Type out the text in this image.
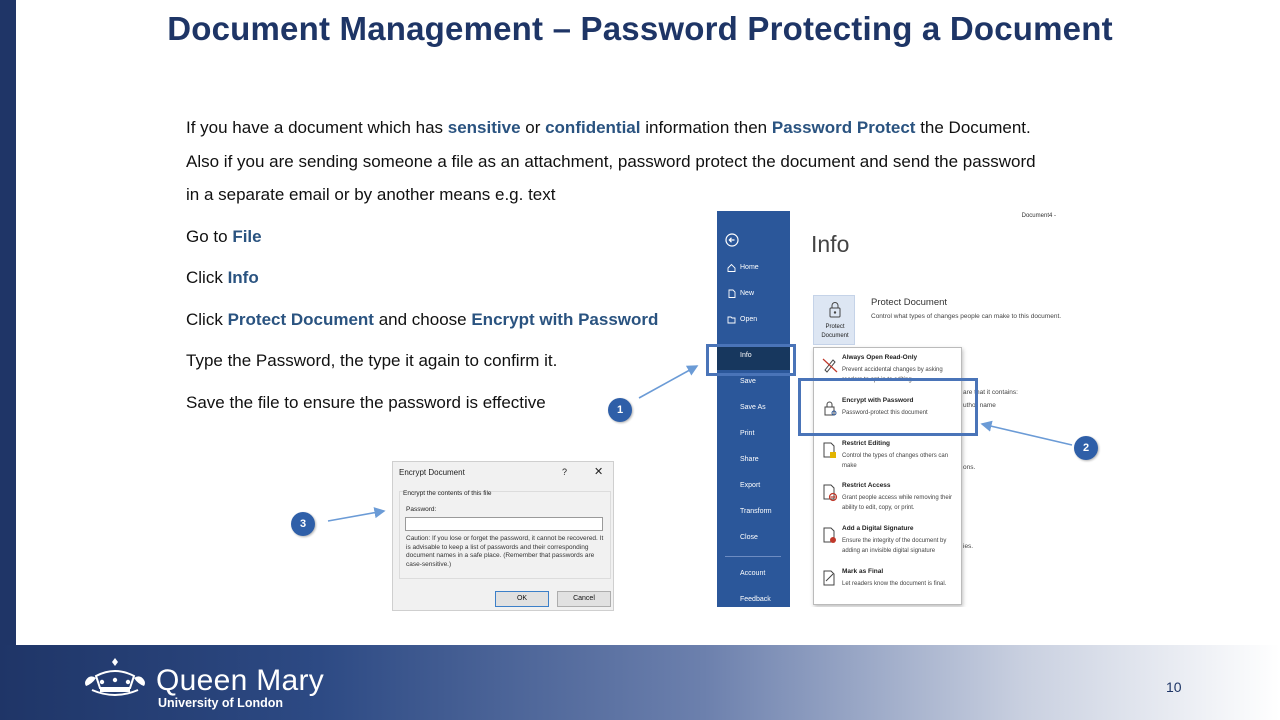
Document Management – Password Protecting a Document
If you have a document which has sensitive or confidential information then Password Protect the Document.
Also if you are sending someone a file as an attachment, password protect the document and send the password
in a separate email or by another means e.g. text
Go to File
Click Info
Click Protect Document and choose Encrypt with Password
Type the Password, the type it again to confirm it.
Save the file to ensure the password is effective
Home
New
Open
Info
Save
Save As
Print
Share
Export
Transform
Close
Account
Feedback
Document4 -
Info
Protect Document
Protect Document
Control what types of changes people can make to this document.
are that it contains:
uthor name
ons.
ies.
Always Open Read-Only
Prevent accidental changes by asking readers to opt-in to editing.
Encrypt with Password
Password-protect this document
Restrict Editing
Control the types of changes others can make
Restrict Access
Grant people access while removing their ability to edit, copy, or print.
Add a Digital Signature
Ensure the integrity of the document by adding an invisible digital signature
Mark as Final
Let readers know the document is final.
1
2
3
Encrypt Document	? ✕
Encrypt the contents of this file
Password:
Caution: If you lose or forget the password, it cannot be recovered. It is advisable to keep a list of passwords and their corresponding document names in a safe place. (Remember that passwords are case-sensitive.)
OK	Cancel
Queen Mary
University of London
10
